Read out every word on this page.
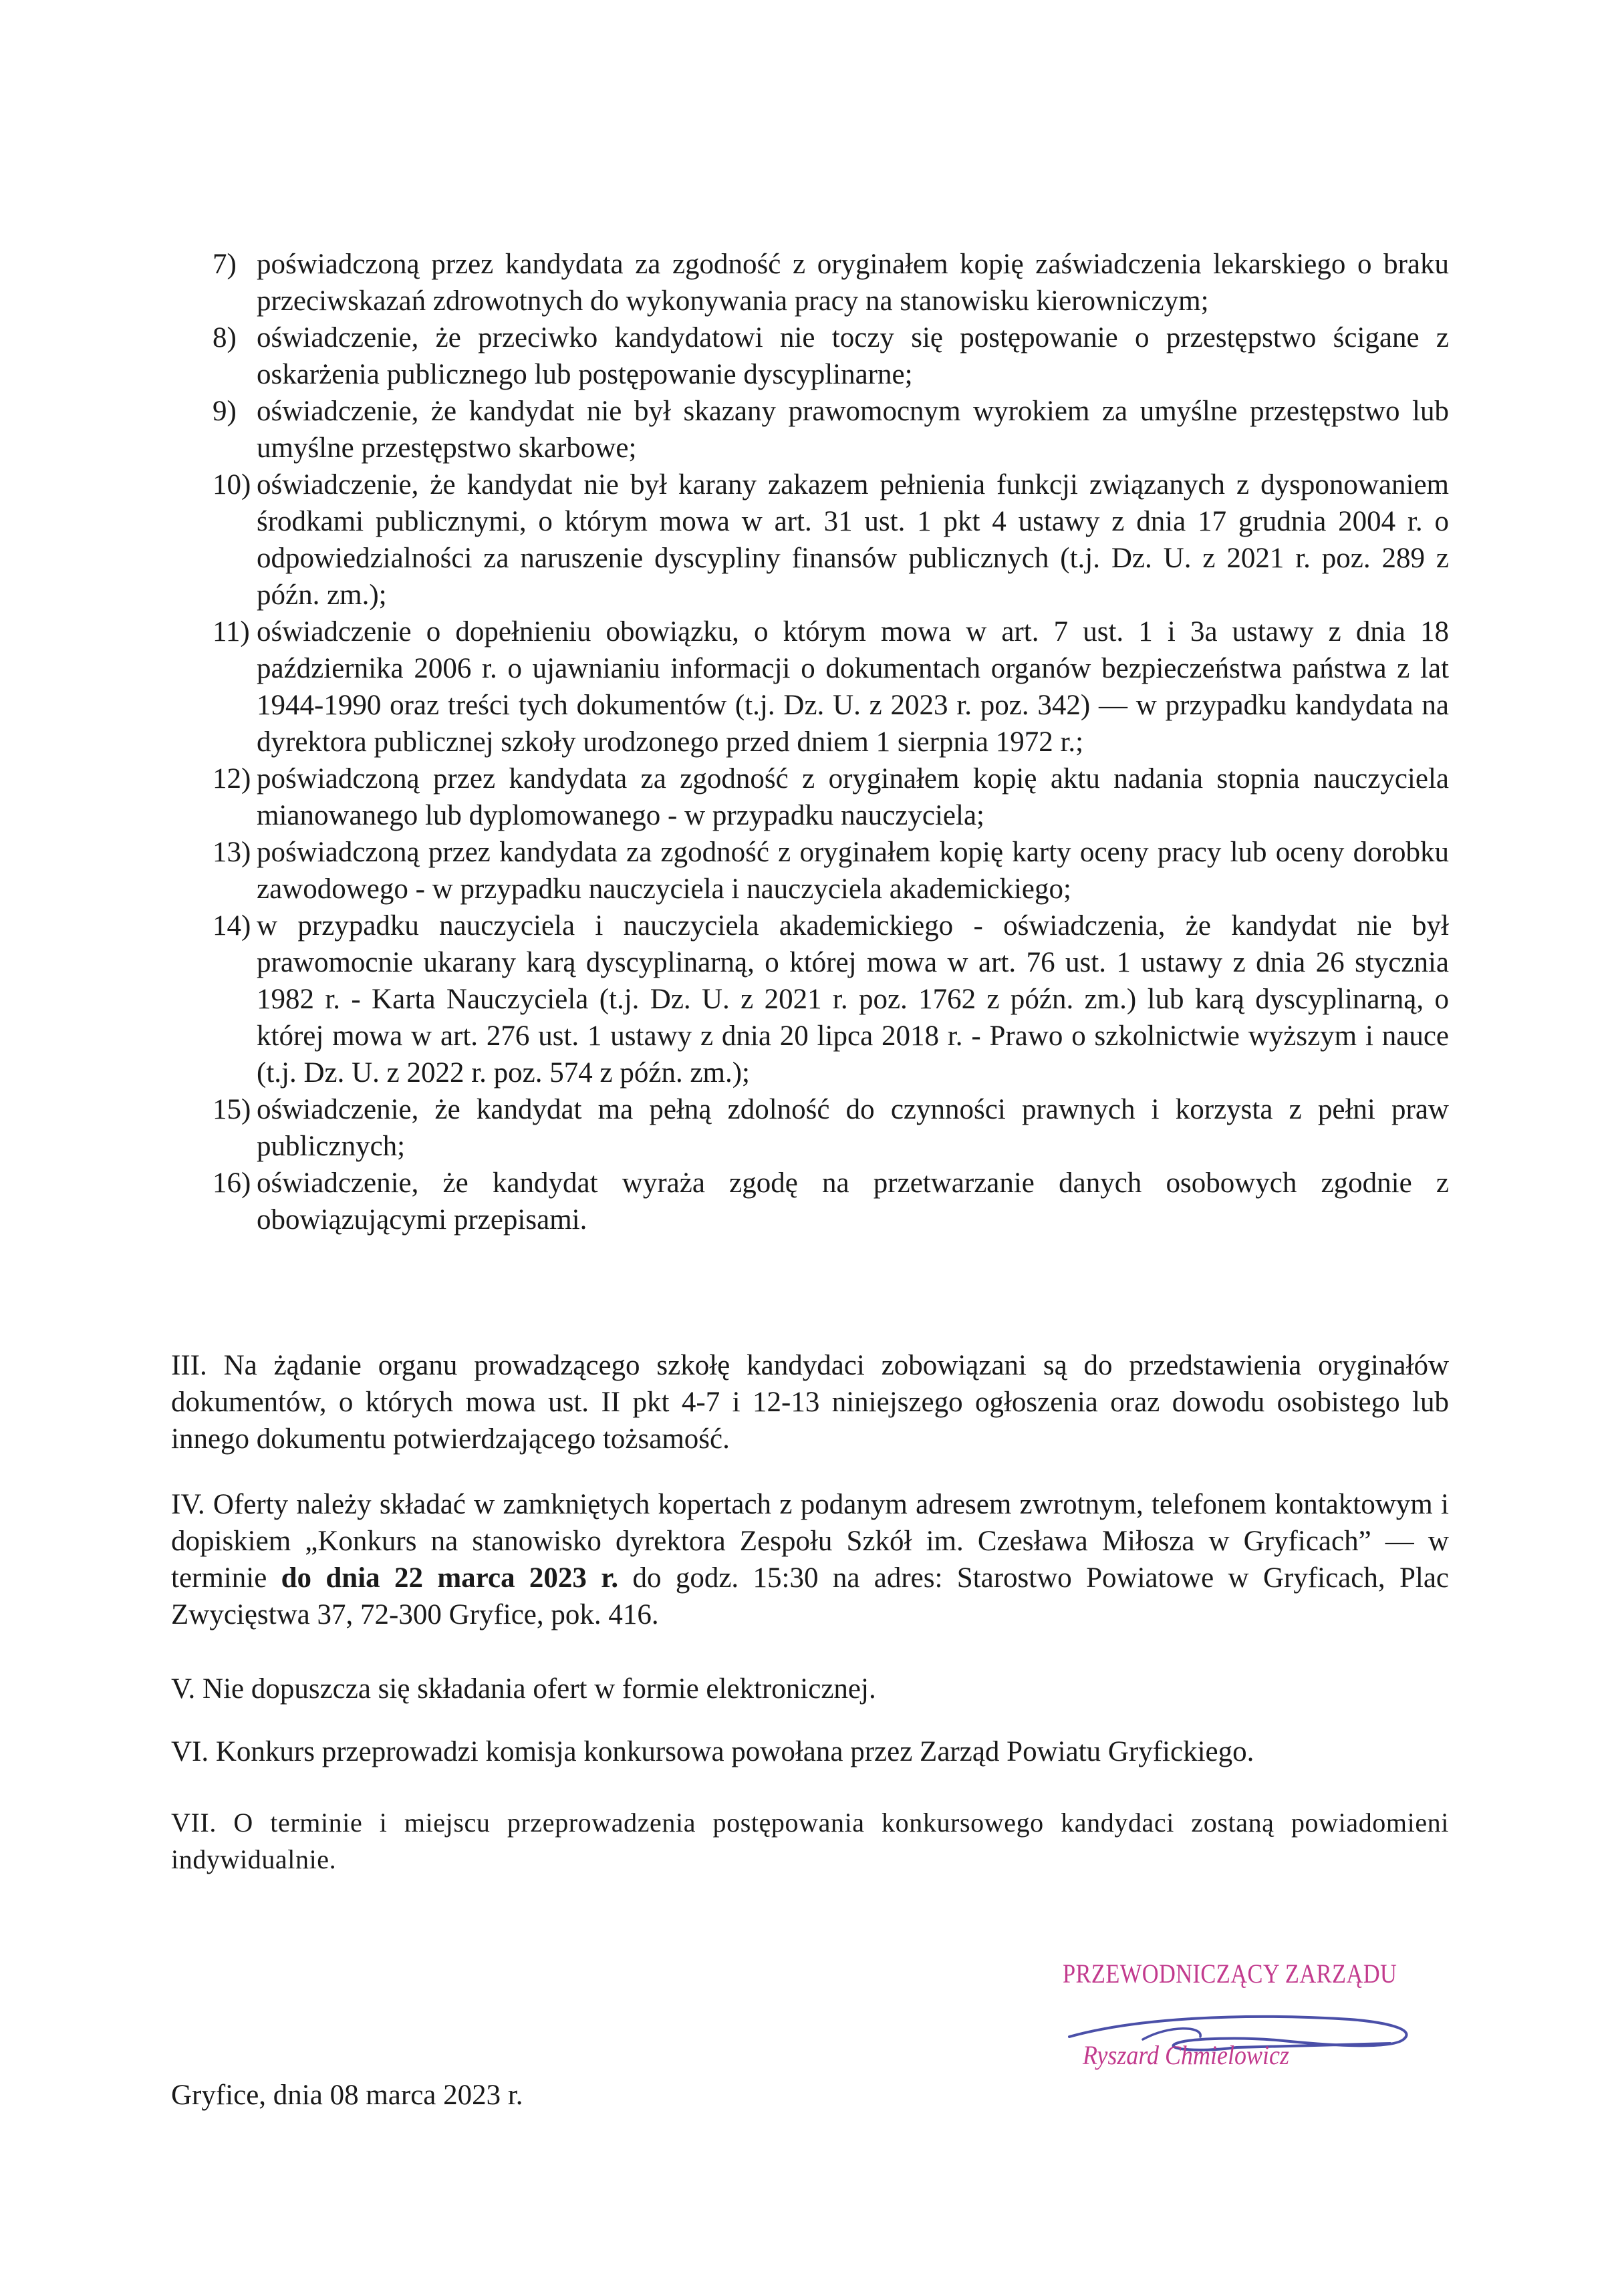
7) poświadczoną przez kandydata za zgodność z oryginałem kopię zaświadczenia lekarskiego o braku przeciwskazań zdrowotnych do wykonywania pracy na stanowisku kierowniczym;
8) oświadczenie, że przeciwko kandydatowi nie toczy się postępowanie o przestępstwo ścigane z oskarżenia publicznego lub postępowanie dyscyplinarne;
9) oświadczenie, że kandydat nie był skazany prawomocnym wyrokiem za umyślne przestępstwo lub umyślne przestępstwo skarbowe;
10) oświadczenie, że kandydat nie był karany zakazem pełnienia funkcji związanych z dysponowaniem środkami publicznymi, o którym mowa w art. 31 ust. 1 pkt 4 ustawy z dnia 17 grudnia 2004 r. o odpowiedzialności za naruszenie dyscypliny finansów publicznych (t.j. Dz. U. z 2021 r. poz. 289 z późn. zm.);
11) oświadczenie o dopełnieniu obowiązku, o którym mowa w art. 7 ust. 1 i 3a ustawy z dnia 18 października 2006 r. o ujawnianiu informacji o dokumentach organów bezpieczeństwa państwa z lat 1944-1990 oraz treści tych dokumentów (t.j. Dz. U. z 2023 r. poz. 342) — w przypadku kandydata na dyrektora publicznej szkoły urodzonego przed dniem 1 sierpnia 1972 r.;
12) poświadczoną przez kandydata za zgodność z oryginałem kopię aktu nadania stopnia nauczyciela mianowanego lub dyplomowanego - w przypadku nauczyciela;
13) poświadczoną przez kandydata za zgodność z oryginałem kopię karty oceny pracy lub oceny dorobku zawodowego - w przypadku nauczyciela i nauczyciela akademickiego;
14) w przypadku nauczyciela i nauczyciela akademickiego - oświadczenia, że kandydat nie był prawomocnie ukarany karą dyscyplinarną, o której mowa w art. 76 ust. 1 ustawy z dnia 26 stycznia 1982 r. - Karta Nauczyciela (t.j. Dz. U. z 2021 r. poz. 1762 z późn. zm.) lub karą dyscyplinarną, o której mowa w art. 276 ust. 1 ustawy z dnia 20 lipca 2018 r. - Prawo o szkolnictwie wyższym i nauce (t.j. Dz. U. z 2022 r. poz. 574 z późn. zm.);
15) oświadczenie, że kandydat ma pełną zdolność do czynności prawnych i korzysta z pełni praw publicznych;
16) oświadczenie, że kandydat wyraża zgodę na przetwarzanie danych osobowych zgodnie z obowiązującymi przepisami.

III. Na żądanie organu prowadzącego szkołę kandydaci zobowiązani są do przedstawienia oryginałów dokumentów, o których mowa ust. II pkt 4-7 i 12-13 niniejszego ogłoszenia oraz dowodu osobistego lub innego dokumentu potwierdzającego tożsamość.

IV. Oferty należy składać w zamkniętych kopertach z podanym adresem zwrotnym, telefonem kontaktowym i dopiskiem „Konkurs na stanowisko dyrektora Zespołu Szkół im. Czesława Miłosza w Gryficach” — w terminie do dnia 22 marca 2023 r. do godz. 15:30 na adres: Starostwo Powiatowe w Gryficach, Plac Zwycięstwa 37, 72-300 Gryfice, pok. 416.

V. Nie dopuszcza się składania ofert w formie elektronicznej.

VI. Konkurs przeprowadzi komisja konkursowa powołana przez Zarząd Powiatu Gryfickiego.

VII. O terminie i miejscu przeprowadzenia postępowania konkursowego kandydaci zostaną powiadomieni indywidualnie.

PRZEWODNICZĄCY ZARZĄDU
Ryszard Chmielowicz

Gryfice, dnia 08 marca 2023 r.
